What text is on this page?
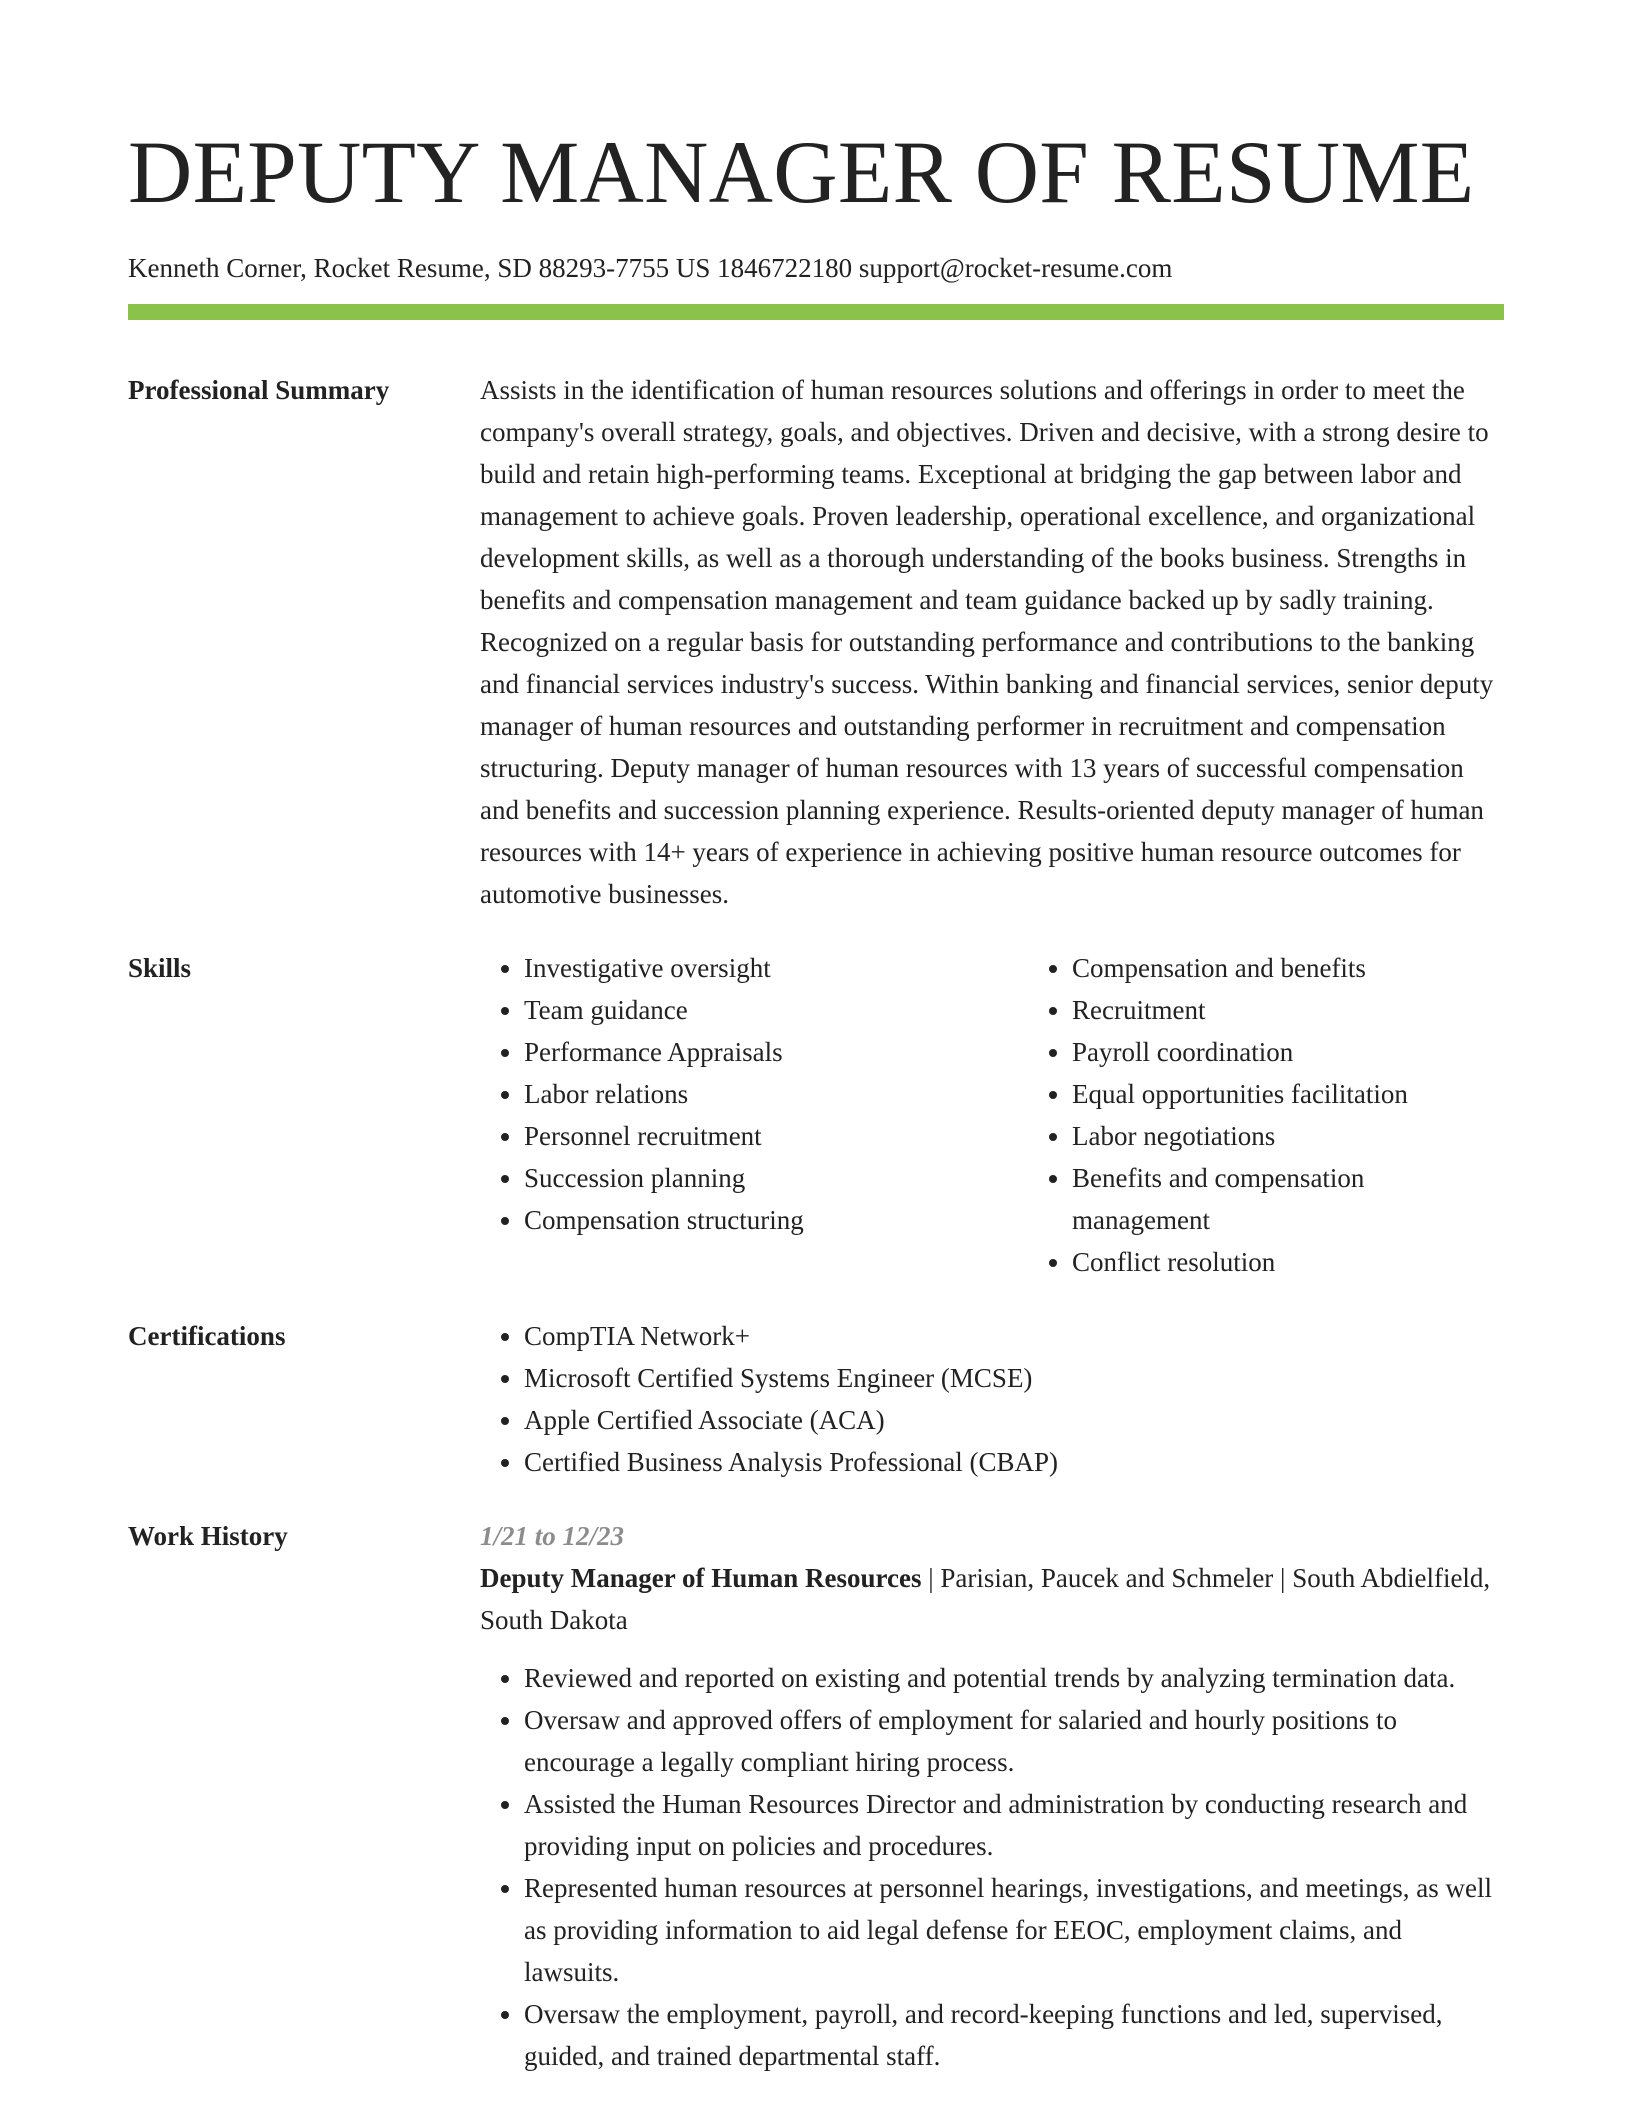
DEPUTY MANAGER OF RESUME
Kenneth Corner, Rocket Resume, SD 88293-7755 US 1846722180 support@rocket-resume.com
Professional Summary	Assists in the identification of human resources solutions and offerings in order to meet the company's overall strategy, goals, and objectives. Driven and decisive, with a strong desire to build and retain high-performing teams. Exceptional at bridging the gap between labor and management to achieve goals. Proven leadership, operational excellence, and organizational development skills, as well as a thorough understanding of the books business. Strengths in benefits and compensation management and team guidance backed up by sadly training. Recognized on a regular basis for outstanding performance and contributions to the banking and financial services industry's success. Within banking and financial services, senior deputy manager of human resources and outstanding performer in recruitment and compensation structuring. Deputy manager of human resources with 13 years of successful compensation and benefits and succession planning experience. Results-oriented deputy manager of human resources with 14+ years of experience in achieving positive human resource outcomes for automotive businesses.

Skills	• Investigative oversight
• Team guidance
• Performance Appraisals
• Labor relations
• Personnel recruitment
• Succession planning
• Compensation structuring
• Compensation and benefits
• Recruitment
• Payroll coordination
• Equal opportunities facilitation
• Labor negotiations
• Benefits and compensation management
• Conflict resolution
Certifications	• CompTIA Network+
• Microsoft Certified Systems Engineer (MCSE)
• Apple Certified Associate (ACA)
• Certified Business Analysis Professional (CBAP)
Work History	1/21 to 12/23
Deputy Manager of Human Resources | Parisian, Paucek and Schmeler | South Abdielfield, South Dakota
• Reviewed and reported on existing and potential trends by analyzing termination data.
• Oversaw and approved offers of employment for salaried and hourly positions to encourage a legally compliant hiring process.
• Assisted the Human Resources Director and administration by conducting research and providing input on policies and procedures.
• Represented human resources at personnel hearings, investigations, and meetings, as well as providing information to aid legal defense for EEOC, employment claims, and lawsuits.
• Oversaw the employment, payroll, and record-keeping functions and led, supervised, guided, and trained departmental staff.
